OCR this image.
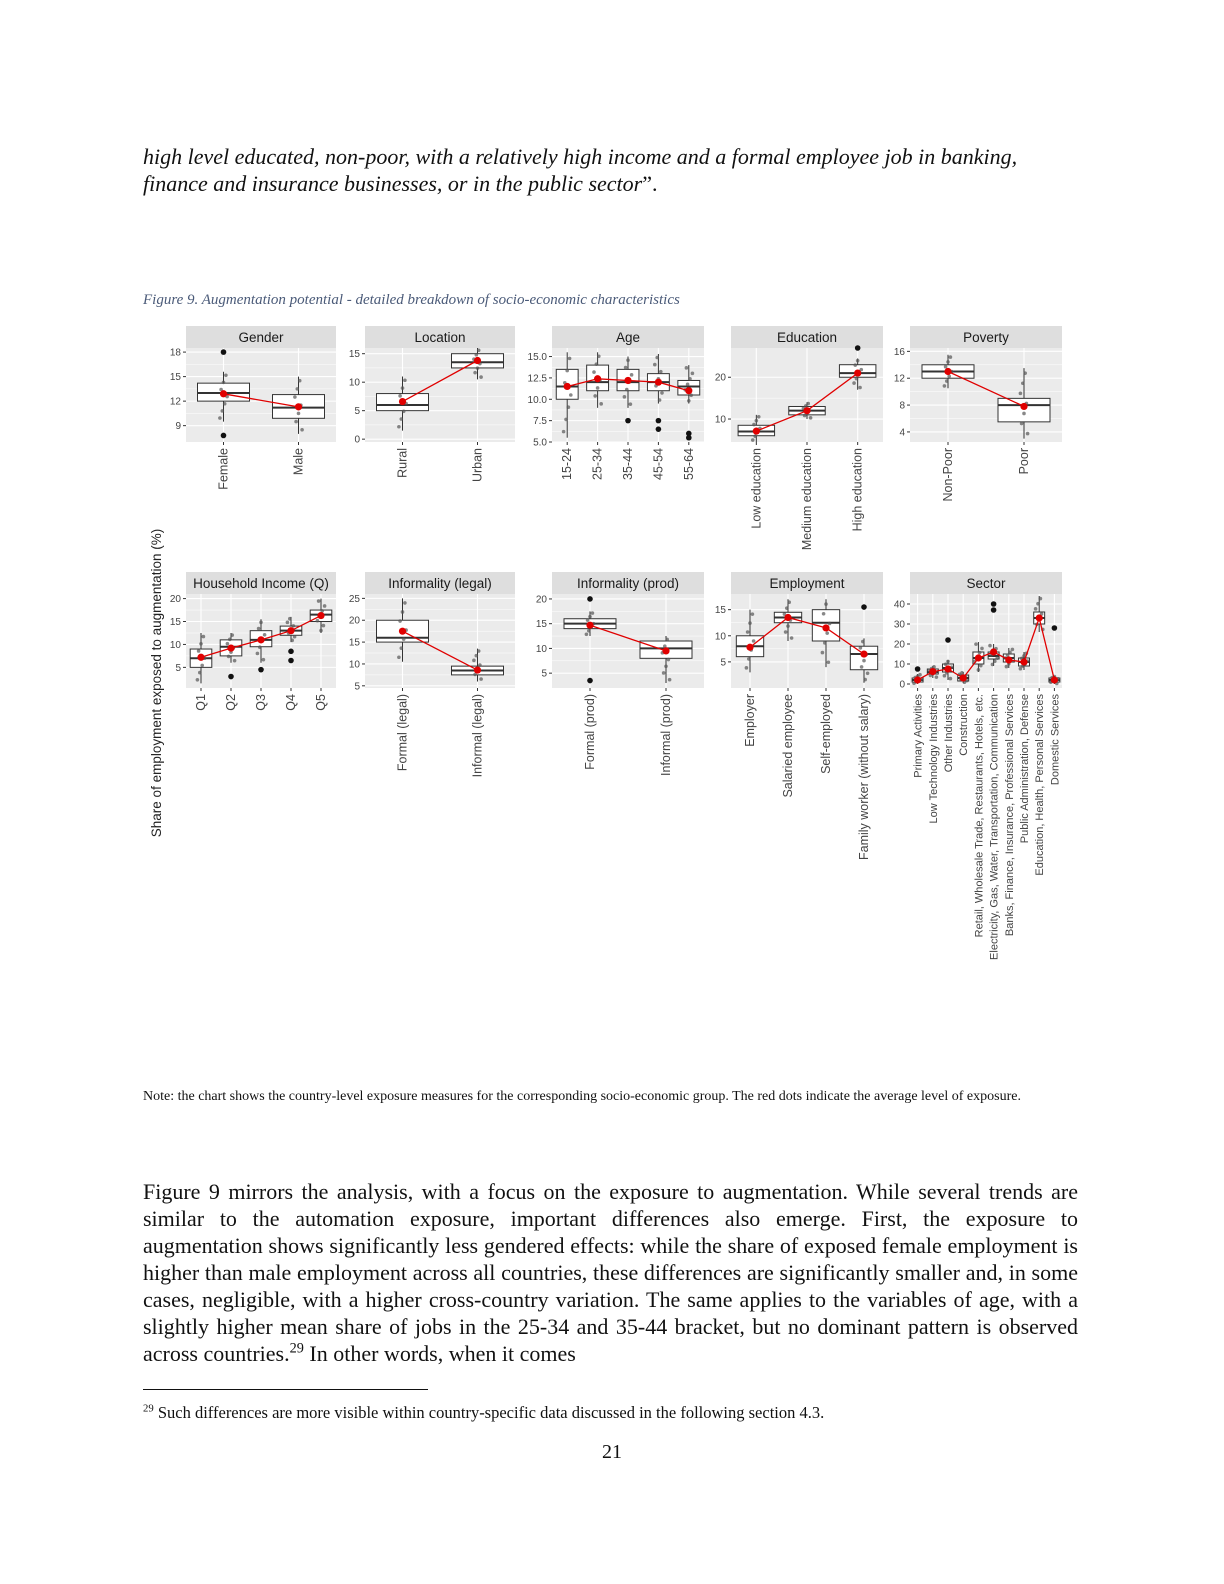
high level educated, non-poor, with a relatively high income and a formal employee job in banking, finance and insurance businesses, or in the public sector”.

Figure 9. Augmentation potential - detailed breakdown of socio-economic characteristics

Share of employment exposed to augmentation (%)
Gender
9
12
15
18
Female	Male
Location
0
5
10
15
Rural	Urban
Age
5.0
7.5
10.0
12.5
15.0
15-24 25-34 35-44 45-54 55-64
Education
10
20
Low education	Medium education	High education
Poverty
4
8
12
16
Non-Poor	Poor
Household Income (Q)
5
10
15
20
Q1 Q2 Q3 Q4 Q5
Informality (legal)
5
10
15
20
25
Formal (legal)	Informal (legal)
Informality (prod)
5
10
15
20
Formal (prod)	Informal (prod)
Employment
5
10
15
Employer Salaried employee Self-employed Family worker (without salary)
Sector
0
10
20
30
40
Primary Activities Low Technology Industries Other Industries Construction Retail, Wholesale Trade, Restaurants, Hotels, etc. Electricity, Gas, Water, Transportation, Communication Banks, Finance, Insurance, Professional Services Public Administration, Defense Education, Health, Personal Services Domestic Services

Note: the chart shows the country-level exposure measures for the corresponding socio-economic group. The red dots indicate the average level of exposure.

Figure 9 mirrors the analysis, with a focus on the exposure to augmentation. While several trends are similar to the automation exposure, important differences also emerge. First, the exposure to augmentation shows significantly less gendered effects: while the share of exposed female employment is higher than male employment across all countries, these differences are significantly smaller and, in some cases, negligible, with a higher cross-country variation. The same applies to the variables of age, with a slightly higher mean share of jobs in the 25-34 and 35-44 bracket, but no dominant pattern is observed across countries.$^{29}$ In other words, when it comes

$^{29}$ Such differences are more visible within country-specific data discussed in the following section 4.3.

21
